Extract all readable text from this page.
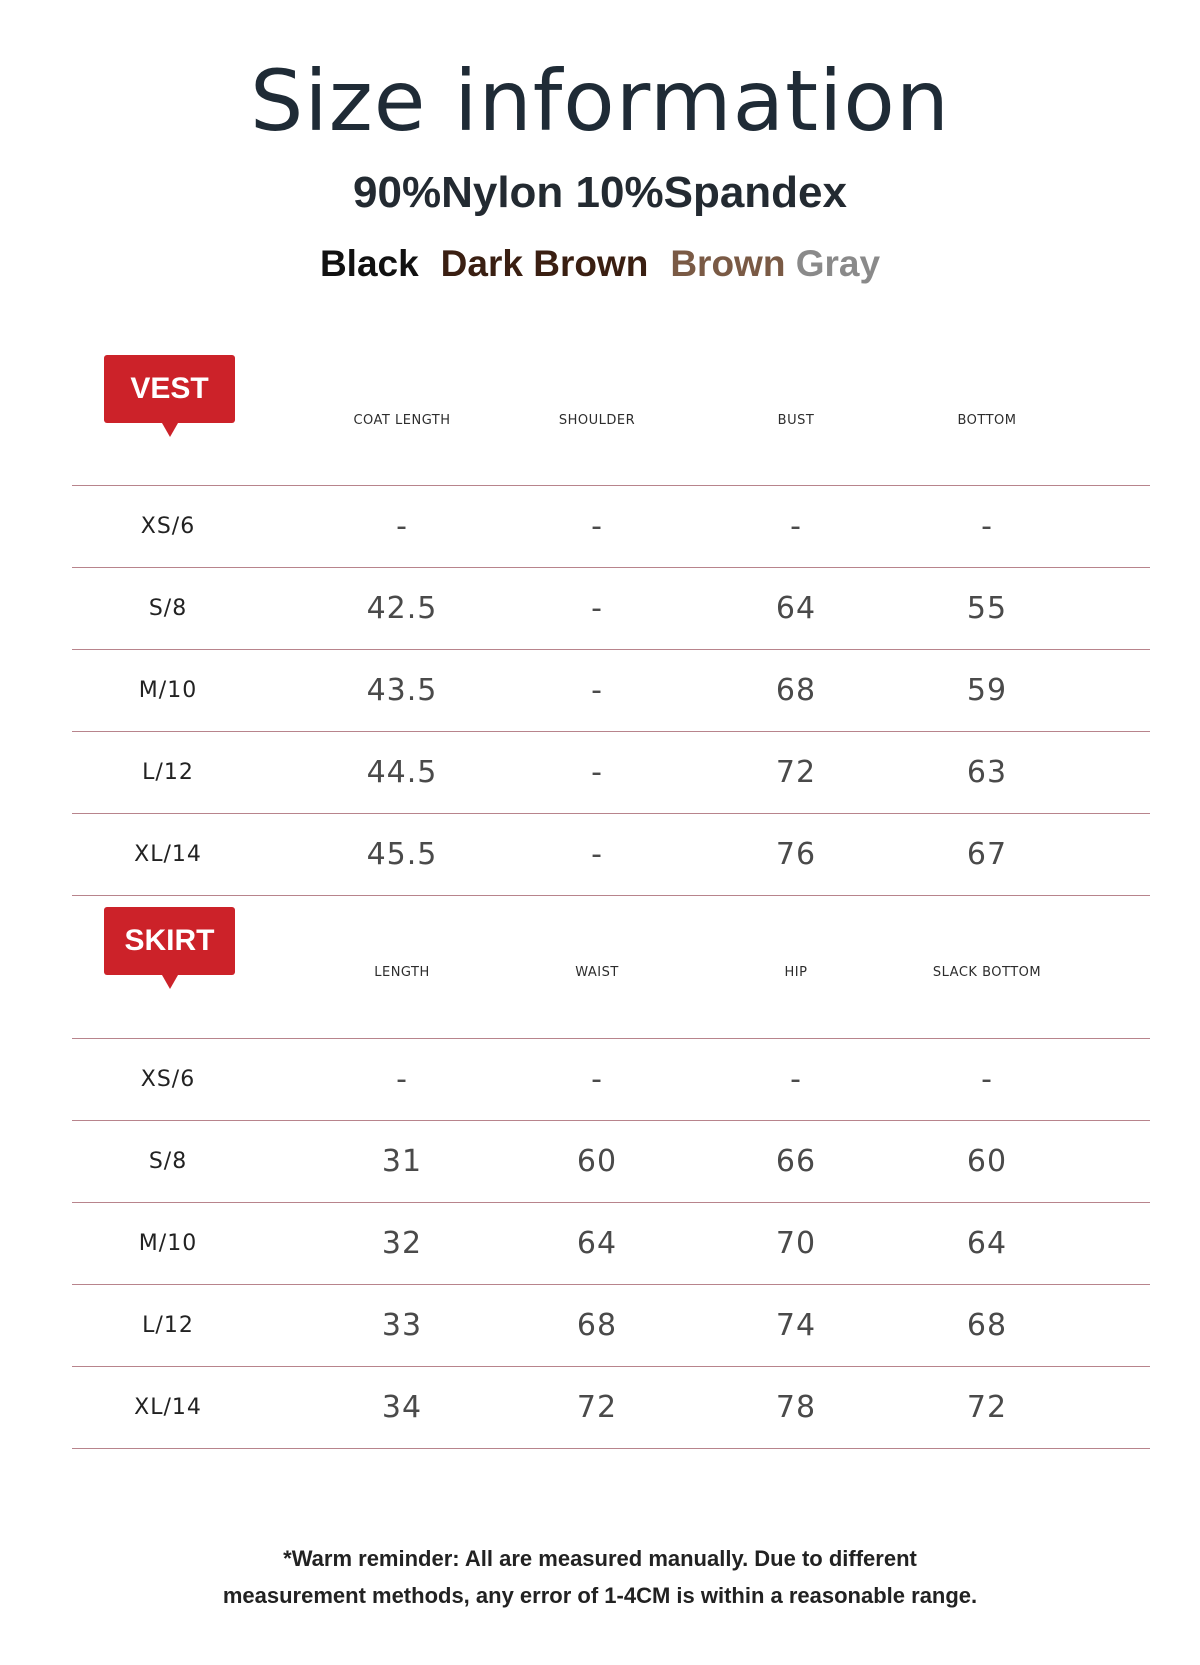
Size information
90%Nylon 10%Spandex
Black Dark Brown Brown Gray
VEST
COAT LENGTH	SHOULDER	BUST	BOTTOM
XS/6	-	-	-	-
S/8	42.5	-	64	55
M/10	43.5	-	68	59
L/12	44.5	-	72	63
XL/14	45.5	-	76	67
SKIRT
LENGTH	WAIST	HIP	SLACK BOTTOM
XS/6	-	-	-	-
S/8	31	60	66	60
M/10	32	64	70	64
L/12	33	68	74	68
XL/14	34	72	78	72
*Warm reminder: All are measured manually. Due to different
measurement methods, any error of 1-4CM is within a reasonable range.
